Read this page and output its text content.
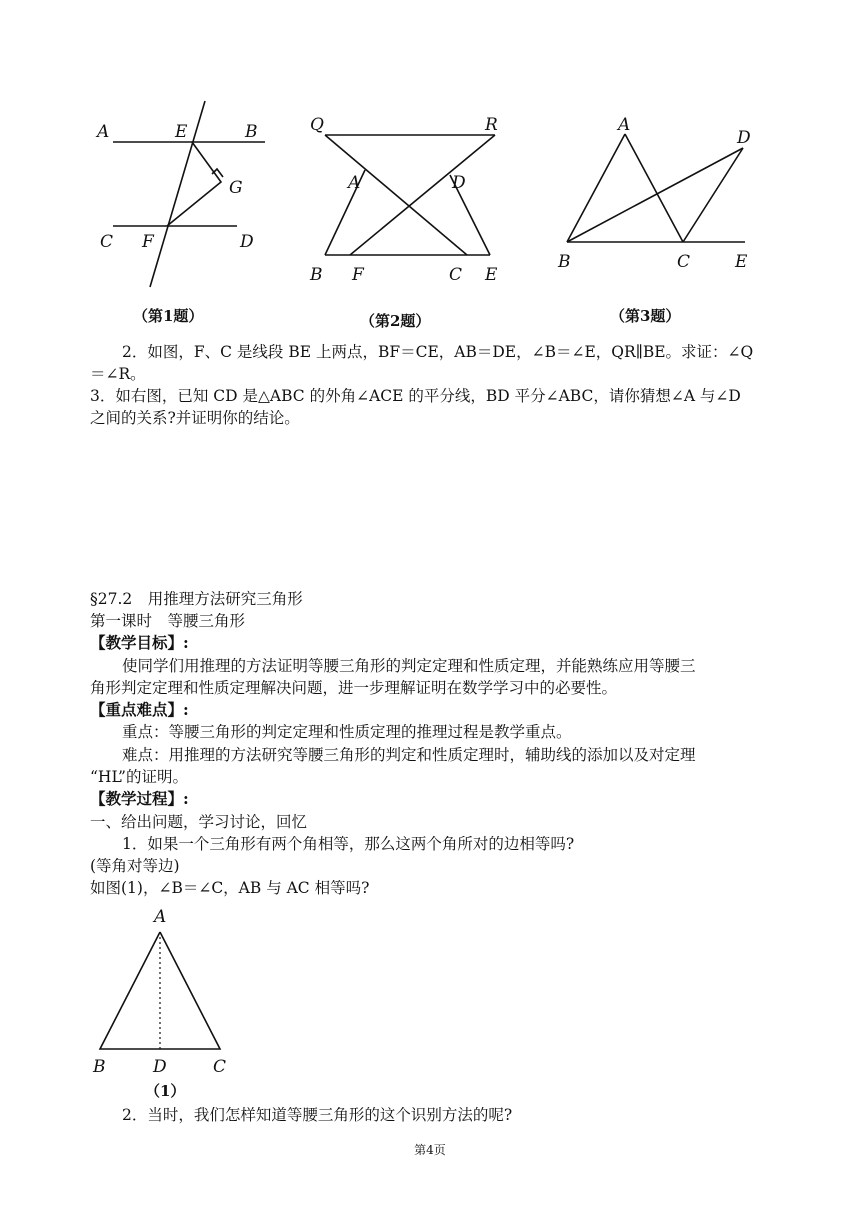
A	E	B
G
C F	D
（第1题）
Q	R
A	D
B F	C E
（第2题）
A
D
B	C	E
（第3题）
2．如图，F、C 是线段 BE 上两点，BF＝CE，AB＝DE，∠B＝∠E，QR∥BE。求证：∠Q
＝∠R。
3．如右图，已知 CD 是△ABC 的外角∠ACE 的平分线，BD 平分∠ABC，请你猜想∠A 与∠D
之间的关系?并证明你的结论。
§27.2　用推理方法研究三角形
第一课时　等腰三角形
【教学目标】:
使同学们用推理的方法证明等腰三角形的判定定理和性质定理，并能熟练应用等腰三
角形判定定理和性质定理解决问题，进一步理解证明在数学学习中的必要性。
【重点难点】:
重点：等腰三角形的判定定理和性质定理的推理过程是教学重点。
难点：用推理的方法研究等腰三角形的判定和性质定理时，辅助线的添加以及对定理
“HL”的证明。
【教学过程】:
一、给出问题，学习讨论，回忆
1．如果一个三角形有两个角相等，那么这两个角所对的边相等吗?
(等角对等边)
如图(1)，∠B＝∠C，AB 与 AC 相等吗?
A
B	D	C
（1）
2．当时，我们怎样知道等腰三角形的这个识别方法的呢?
第4页
